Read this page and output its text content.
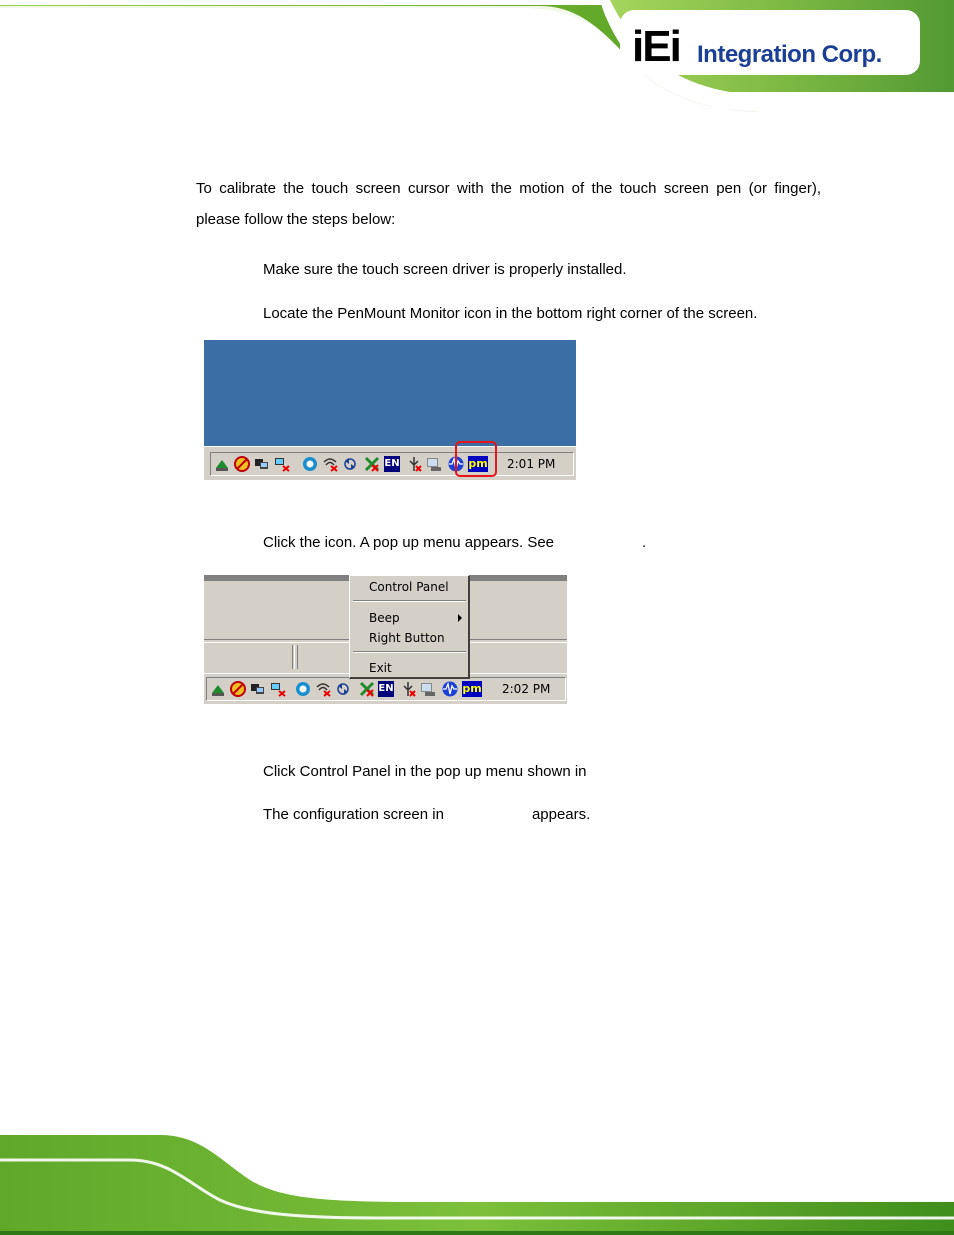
iEi Integration Corp.
To calibrate the touch screen cursor with the motion of the touch screen pen (or finger), please follow the steps below:
Make sure the touch screen driver is properly installed.
Locate the PenMount Monitor icon in the bottom right corner of the screen.
EN	pm 2:01 PM
Click the icon. A pop up menu appears. See	.
EN	pm 2:02 PM
Control Panel
Beep
Right Button
Exit
Click Control Panel in the pop up menu shown in
The configuration screen in	appears.
